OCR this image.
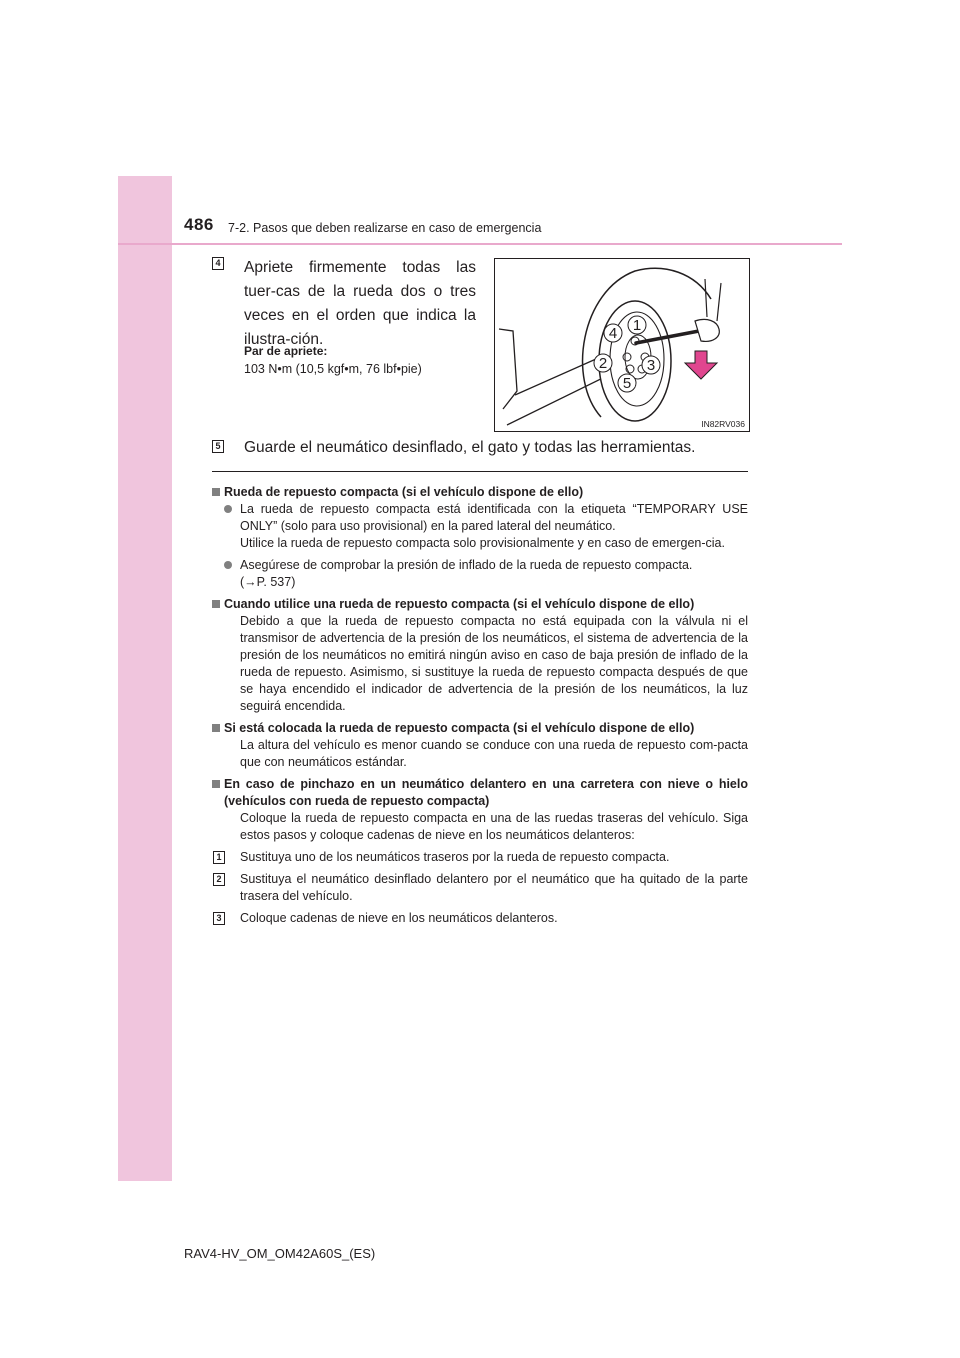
486 7-2. Pasos que deben realizarse en caso de emergencia
4 Apriete firmemente todas las tuer-cas de la rueda dos o tres veces en el orden que indica la ilustra-ción.
Par de apriete:
103 N•m (10,5 kgf•m, 76 lbf•pie)
4 1
2	3
5
IN82RV036
5 Guarde el neumático desinflado, el gato y todas las herramientas.

Rueda de repuesto compacta (si el vehículo dispone de ello)

La rueda de repuesto compacta está identificada con la etiqueta “TEMPORARY USE ONLY” (solo para uso provisional) en la pared lateral del neumático.

Utilice la rueda de repuesto compacta solo provisionalmente y en caso de emergen-cia.

Asegúrese de comprobar la presión de inflado de la rueda de repuesto compacta.

(→P. 537)

Cuando utilice una rueda de repuesto compacta (si el vehículo dispone de ello)

Debido a que la rueda de repuesto compacta no está equipada con la válvula ni el transmisor de advertencia de la presión de los neumáticos, el sistema de advertencia de la presión de los neumáticos no emitirá ningún aviso en caso de baja presión de inflado de la rueda de repuesto. Asimismo, si sustituye la rueda de repuesto compacta después de que se haya encendido el indicador de advertencia de la presión de los neumáticos, la luz seguirá encendida.

Si está colocada la rueda de repuesto compacta (si el vehículo dispone de ello)

La altura del vehículo es menor cuando se conduce con una rueda de repuesto com-pacta que con neumáticos estándar.

En caso de pinchazo en un neumático delantero en una carretera con nieve o hielo (vehículos con rueda de repuesto compacta)

Coloque la rueda de repuesto compacta en una de las ruedas traseras del vehículo. Siga estos pasos y coloque cadenas de nieve en los neumáticos delanteros:

1 Sustituya uno de los neumáticos traseros por la rueda de repuesto compacta.
2 Sustituya el neumático desinflado delantero por el neumático que ha quitado de la parte trasera del vehículo.
3 Coloque cadenas de nieve en los neumáticos delanteros.
RAV4-HV_OM_OM42A60S_(ES)
